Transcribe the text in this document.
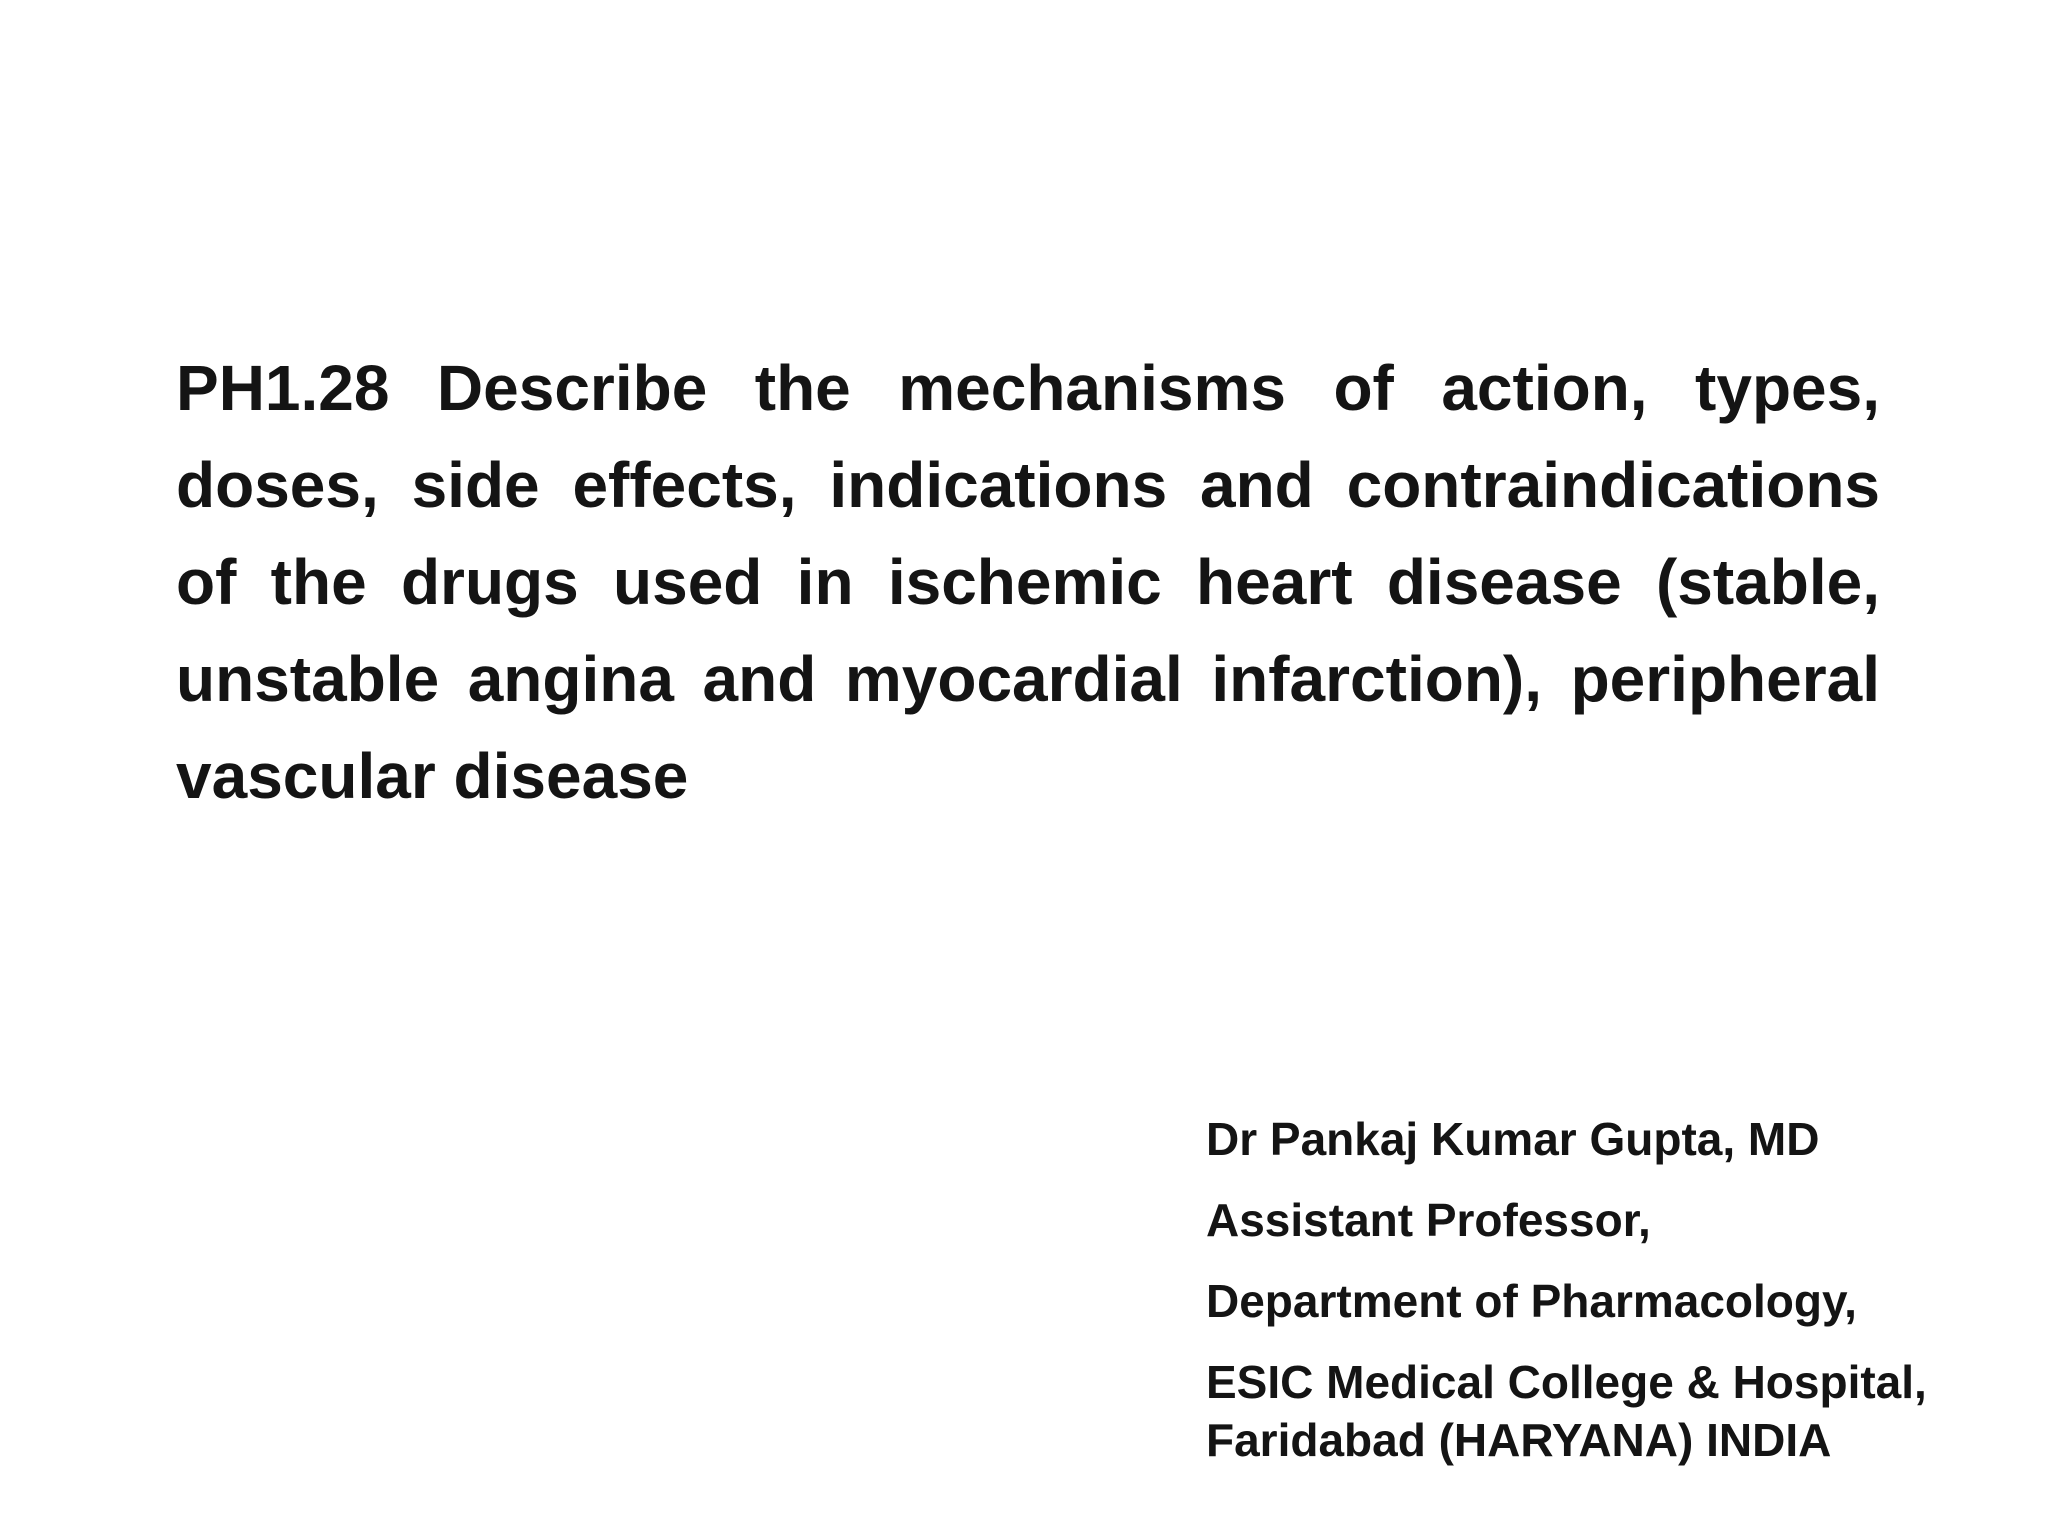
PH1.28 Describe the mechanisms of action, types, doses, side effects, indications and contraindications of the drugs used in ischemic heart disease (stable, unstable angina and myocardial infarction), peripheral vascular disease

Dr Pankaj Kumar Gupta, MD
Assistant Professor,
Department of Pharmacology,
ESIC Medical College & Hospital,
Faridabad (HARYANA) INDIA
